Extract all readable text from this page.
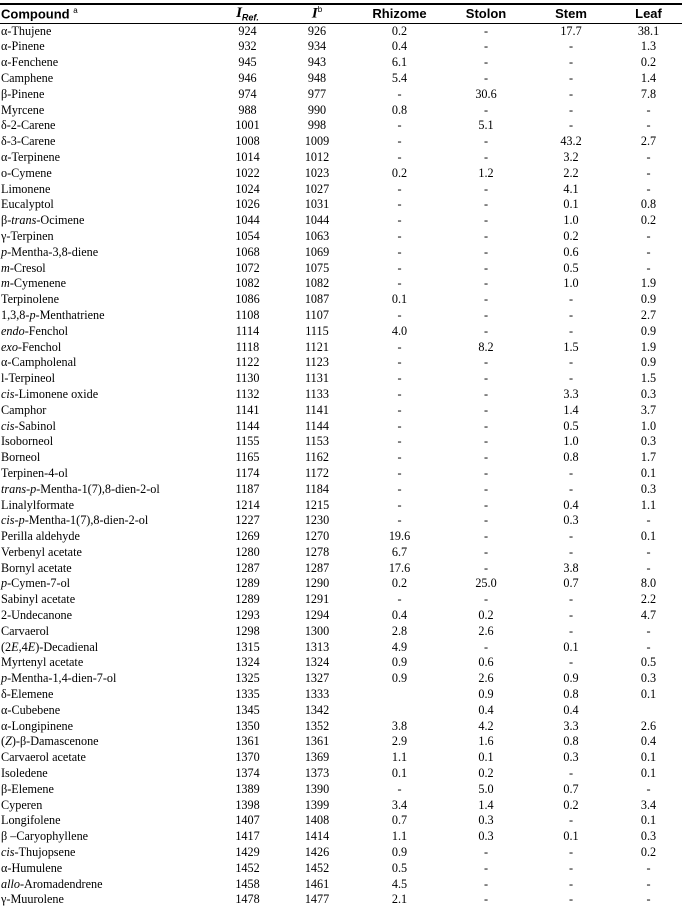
Compound $^a$	$I_{Ref.}$	$I^b$	Rhizome	Stolon	Stem	Leaf
α-Thujene	924	926	0.2	-	17.7	38.1
α-Pinene	932	934	0.4	-	-	1.3
α-Fenchene	945	943	6.1	-	-	0.2
Camphene	946	948	5.4	-	-	1.4
β-Pinene	974	977	-	30.6	-	7.8
Myrcene	988	990	0.8	-	-	-
δ-2-Carene	1001	998	-	5.1	-	-
δ-3-Carene	1008	1009	-	-	43.2	2.7
α-Terpinene	1014	1012	-	-	3.2	-
o-Cymene	1022	1023	0.2	1.2	2.2	-
Limonene	1024	1027	-	-	4.1	-
Eucalyptol	1026	1031	-	-	0.1	0.8
β-trans-Ocimene	1044	1044	-	-	1.0	0.2
γ-Terpinen	1054	1063	-	-	0.2	-
p-Mentha-3,8-diene	1068	1069	-	-	0.6	-
m-Cresol	1072	1075	-	-	0.5	-
m-Cymenene	1082	1082	-	-	1.0	1.9
Terpinolene	1086	1087	0.1	-	-	0.9
1,3,8-p-Menthatriene	1108	1107	-	-	-	2.7
endo-Fenchol	1114	1115	4.0	-	-	0.9
exo-Fenchol	1118	1121	-	8.2	1.5	1.9
α-Campholenal	1122	1123	-	-	-	0.9
l-Terpineol	1130	1131	-	-	-	1.5
cis-Limonene oxide	1132	1133	-	-	3.3	0.3
Camphor	1141	1141	-	-	1.4	3.7
cis-Sabinol	1144	1144	-	-	0.5	1.0
Isoborneol	1155	1153	-	-	1.0	0.3
Borneol	1165	1162	-	-	0.8	1.7
Terpinen-4-ol	1174	1172	-	-	-	0.1
trans-p-Mentha-1(7),8-dien-2-ol	1187	1184	-	-	-	0.3
Linalylformate	1214	1215	-	-	0.4	1.1
cis-p-Mentha-1(7),8-dien-2-ol	1227	1230	-	-	0.3	-
Perilla aldehyde	1269	1270	19.6	-	-	0.1
Verbenyl acetate	1280	1278	6.7	-	-	-
Bornyl acetate	1287	1287	17.6	-	3.8	-
p-Cymen-7-ol	1289	1290	0.2	25.0	0.7	8.0
Sabinyl acetate	1289	1291	-	-	-	2.2
2-Undecanone	1293	1294	0.4	0.2	-	4.7
Carvaerol	1298	1300	2.8	2.6	-	-
(2E,4E)-Decadienal	1315	1313	4.9	-	0.1	-
Myrtenyl acetate	1324	1324	0.9	0.6	-	0.5
p-Mentha-1,4-dien-7-ol	1325	1327	0.9	2.6	0.9	0.3
δ-Elemene	1335	1333		0.9	0.8	0.1
α-Cubebene	1345	1342		0.4	0.4	
α-Longipinene	1350	1352	3.8	4.2	3.3	2.6
(Z)-β-Damascenone	1361	1361	2.9	1.6	0.8	0.4
Carvaerol acetate	1370	1369	1.1	0.1	0.3	0.1
Isoledene	1374	1373	0.1	0.2	-	0.1
β-Elemene	1389	1390	-	5.0	0.7	-
Cyperen	1398	1399	3.4	1.4	0.2	3.4
Longifolene	1407	1408	0.7	0.3	-	0.1
β –Caryophyllene	1417	1414	1.1	0.3	0.1	0.3
cis-Thujopsene	1429	1426	0.9	-	-	0.2
α-Humulene	1452	1452	0.5	-	-	-
allo-Aromadendrene	1458	1461	4.5	-	-	-
γ-Muurolene	1478	1477	2.1	-	-	-
